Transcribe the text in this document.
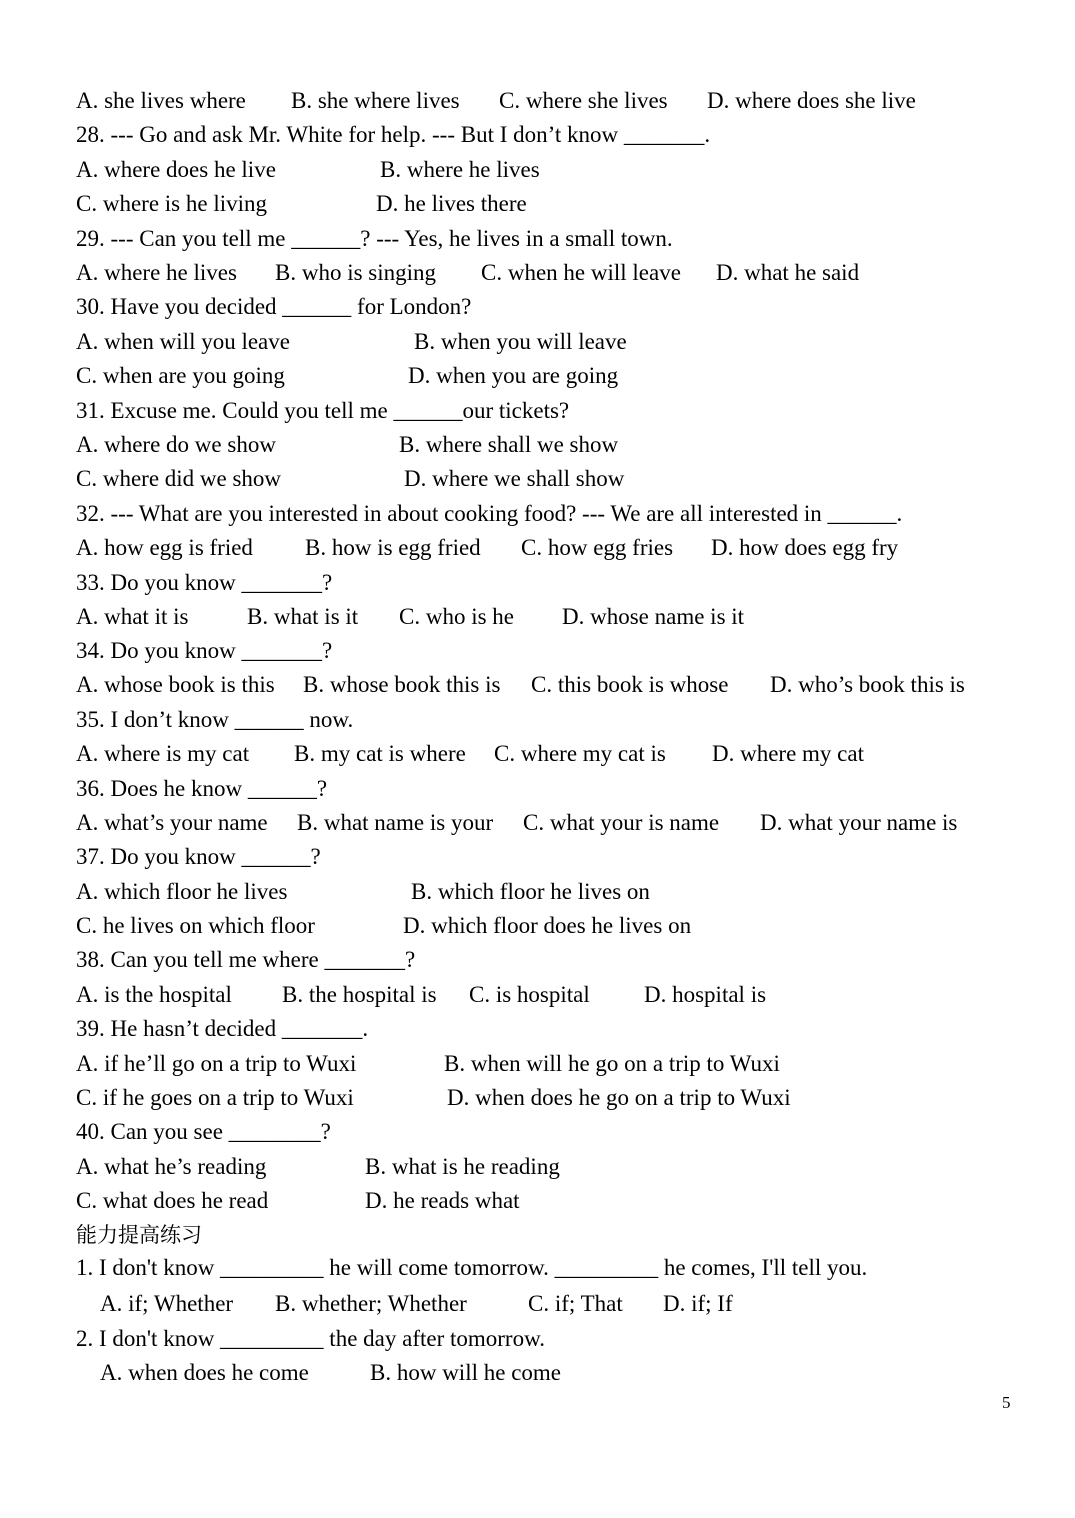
A. she lives where

B. she where lives

C. where she lives

D. where does she live

28. --- Go and ask Mr. White for help. --- But I don’t know _______.

A. where does he live

	B. where he lives

C. where is he living

	D. he lives there

29. --- Can you tell me ______? --- Yes, he lives in a small town.

A. where he lives

B. who is singing

C. when he will leave

D. what he said

30. Have you decided ______ for London?

A. when will you leave

	B. when you will leave

C. when are you going

	D. when you are going

31. Excuse me. Could you tell me ______our tickets?

A. where do we show

	B. where shall we show

C. where did we show

	D. where we shall show

32. --- What are you interested in about cooking food? --- We are all interested in ______.

A. how egg is fried

B. how is egg fried

C. how egg fries

D. how does egg fry

33. Do you know _______?

A. what it is

	B. what is it

C. who is he

D. whose name is it

34. Do you know _______?

A. whose book is this

B. whose book this is

C. this book is whose

D. who’s book this is

35. I don’t know ______ now.

A. where is my cat

B. my cat is where

C. where my cat is

D. where my cat

36. Does he know ______?

A. what’s your name

B. what name is your

C. what your is name

D. what your name is

37. Do you know ______?

A. which floor he lives

	B. which floor he lives on

C. he lives on which floor

	D. which floor does he lives on

38. Can you tell me where _______?

A. is the hospital

B. the hospital is

C. is hospital

D. hospital is

39. He hasn’t decided _______.

A. if he’ll go on a trip to Wuxi

	B. when will he go on a trip to Wuxi

C. if he goes on a trip to Wuxi

	D. when does he go on a trip to Wuxi

40. Can you see ________?

A. what he’s reading

	B. what is he reading

C. what does he read

	D. he reads what

能力提高练习
1. I don't know _________ he will come tomorrow. _________ he comes, I'll tell you.

A. if; Whether

B. whether; Whether

	C. if; That

D. if; If

2. I don't know _________ the day after tomorrow.

A. when does he come

	B. how will he come

5
